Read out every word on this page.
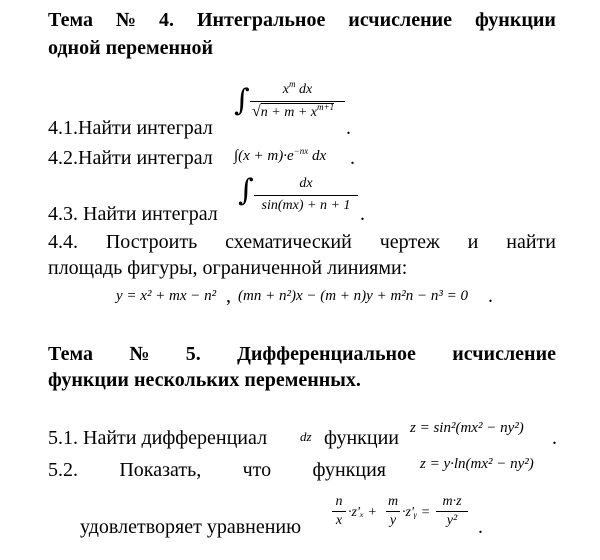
Тема № 4. Интегральное исчисление функции
одной переменной
4.1.Найти интеграл
∫	$x^m$ dx
$√n + m + x^{m+1}$
.
4.2.Найти интеграл $\int(x + m)\cdot e^{-nx}$ dx .
4.3. Найти интеграл
∫	dx
sin(mx) + n + 1 .
4.4. Построить схематический чертеж и найти
площадь фигуры, ограниченной линиями:
y = x² + mx − n² , (mn + n²)x − (m + n)y + m²n − n³ = 0 .
Тема № 5. Дифференциальное исчисление
функции нескольких переменных.
5.1. Найти дифференциал	dz функции z = sin²(mx² − ny²) .
5.2. Показать, что функция z = y·ln(mx² − ny²)
удовлетворяет уравнению
n
x
·z′ₓ +
m
y
·z′ᵧ =
m·z
y²	.
